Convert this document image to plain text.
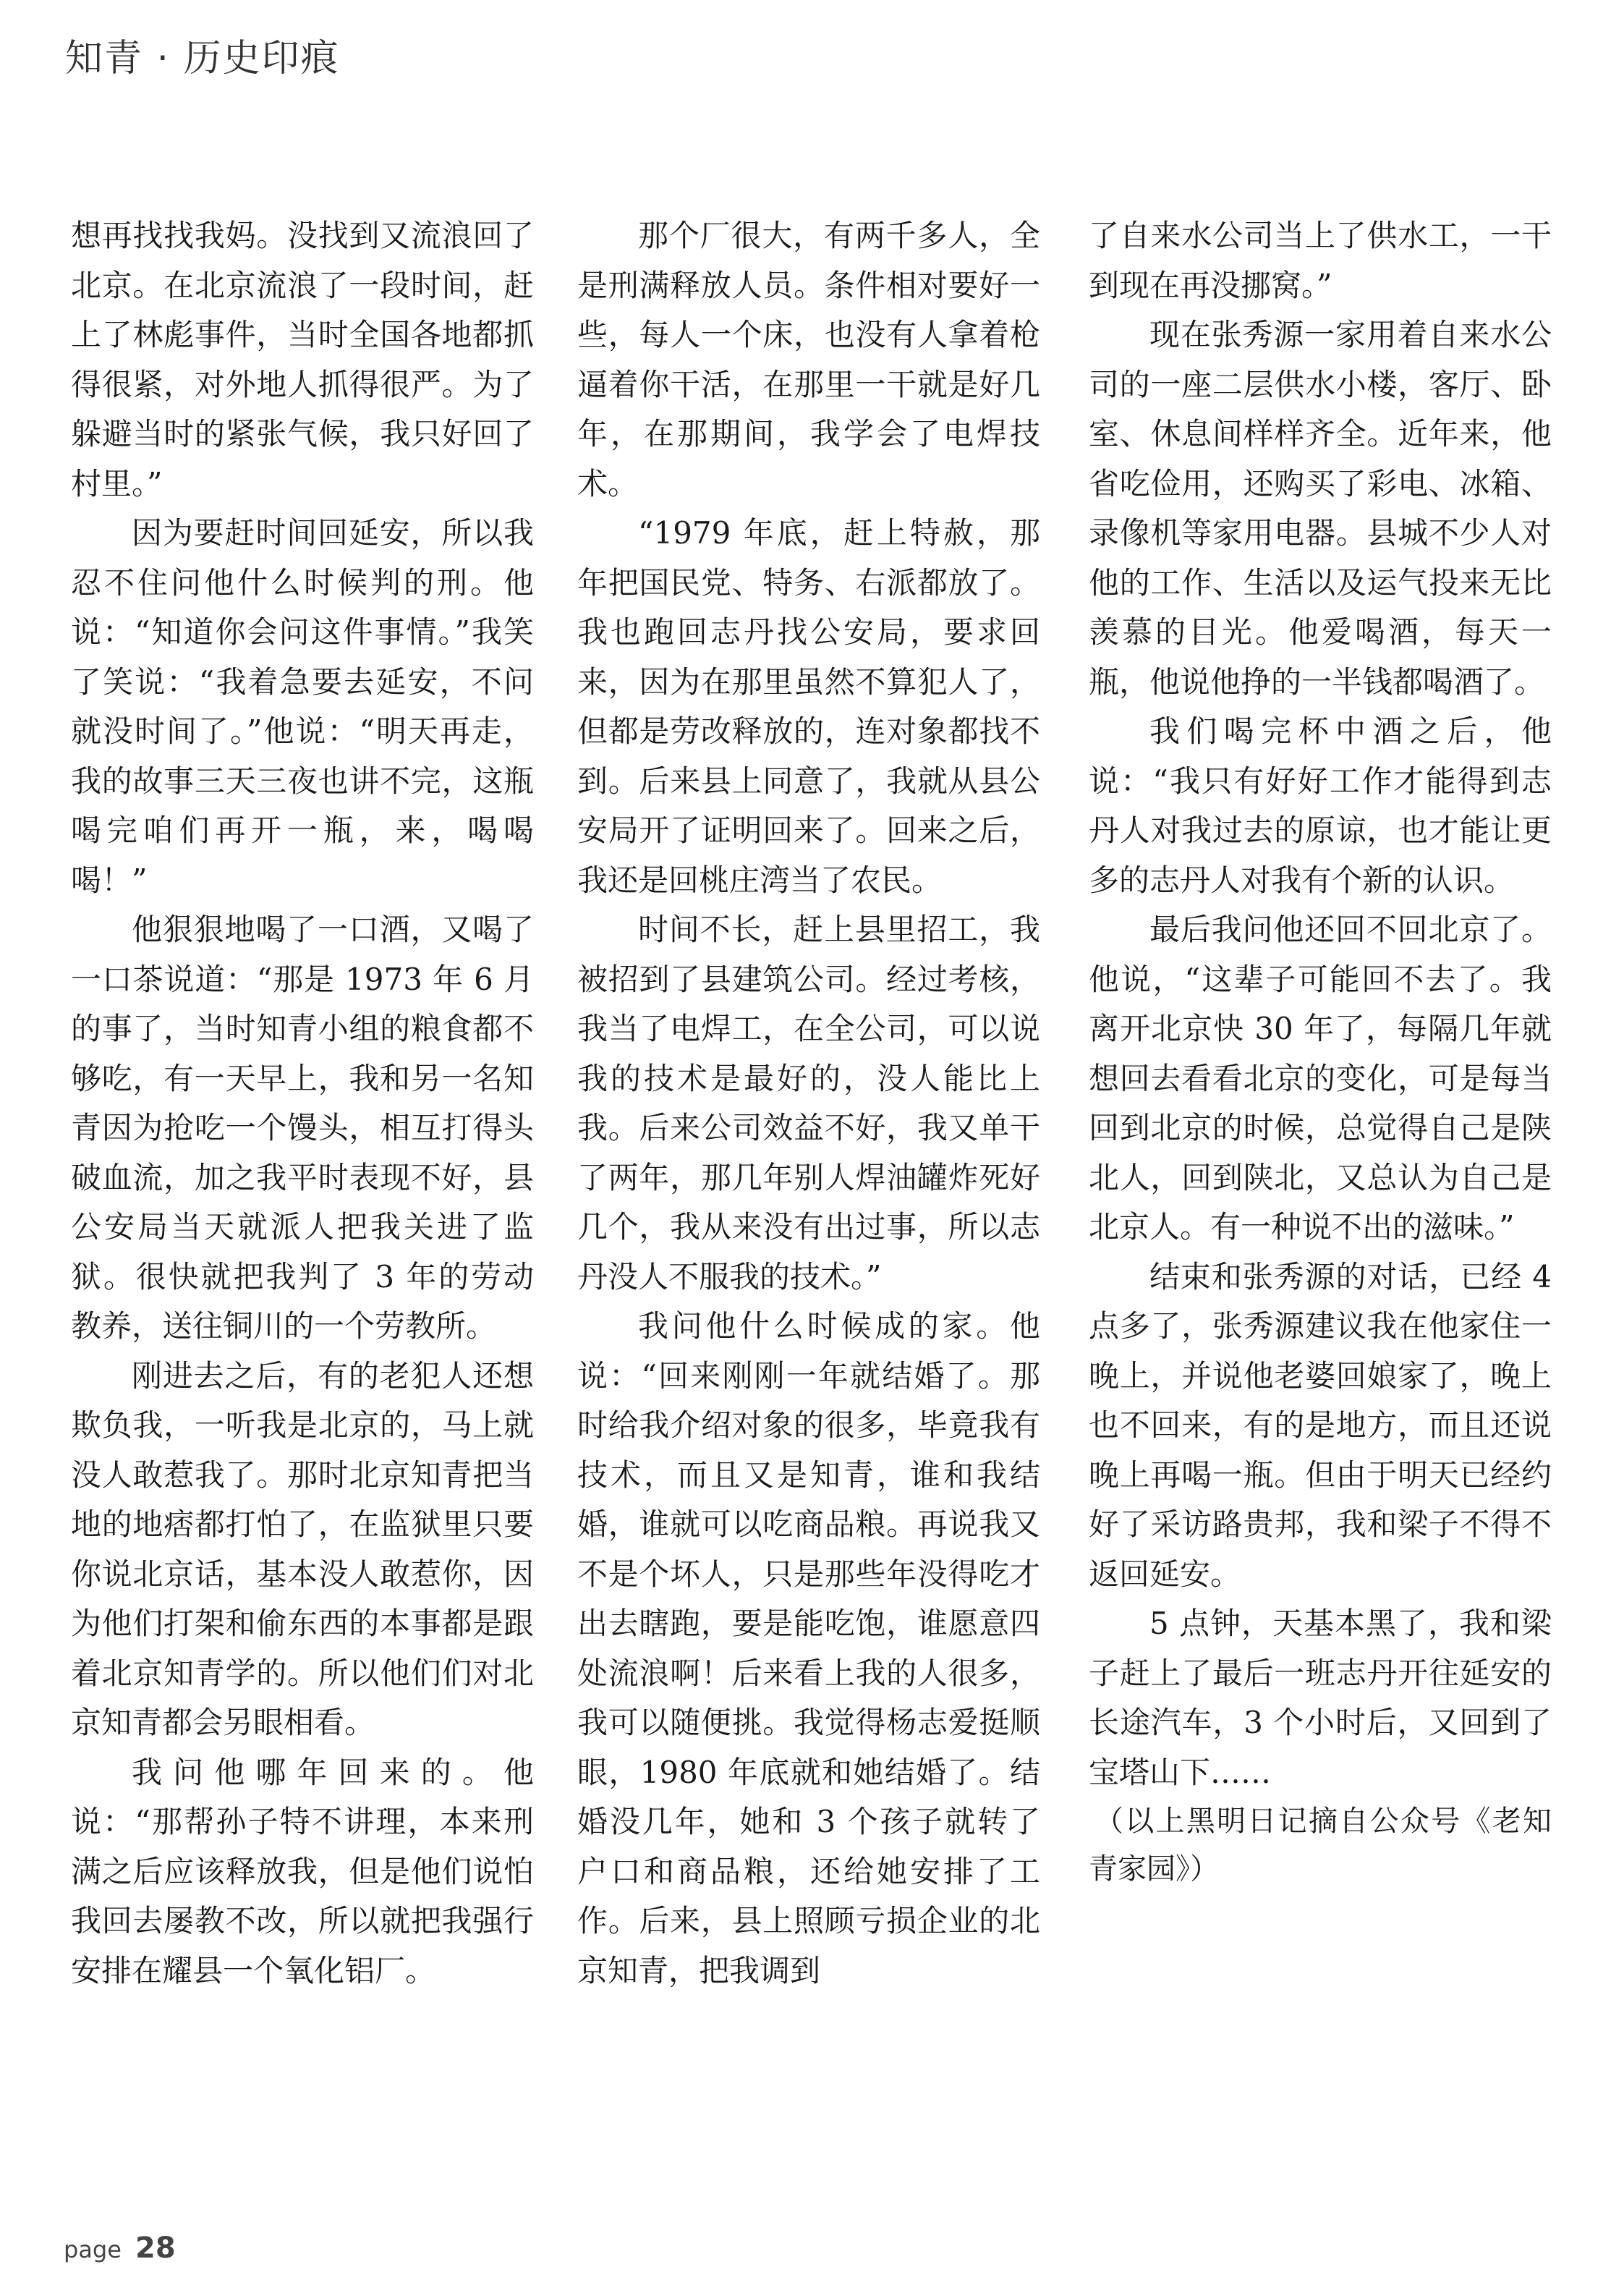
知青 · 历史印痕

想再找找我妈。没找到又流浪回了北京。在北京流浪了一段时间，赶上了林彪事件，当时全国各地都抓得很紧，对外地人抓得很严。为了躲避当时的紧张气候，我只好回了村里。”

因为要赶时间回延安，所以我忍不住问他什么时候判的刑。他说：“知道你会问这件事情。”我笑了笑说：“我着急要去延安，不问就没时间了。”他说：“明天再走，我的故事三天三夜也讲不完，这瓶喝完咱们再开一瓶，来，喝喝喝！”

他狠狠地喝了一口酒，又喝了一口茶说道：“那是 1973 年 6 月的事了，当时知青小组的粮食都不够吃，有一天早上，我和另一名知青因为抢吃一个馒头，相互打得头破血流，加之我平时表现不好，县公安局当天就派人把我关进了监狱。很快就把我判了 3 年的劳动教养，送往铜川的一个劳教所。

刚进去之后，有的老犯人还想欺负我，一听我是北京的，马上就没人敢惹我了。那时北京知青把当地的地痞都打怕了，在监狱里只要你说北京话，基本没人敢惹你，因为他们打架和偷东西的本事都是跟着北京知青学的。所以他们们对北京知青都会另眼相看。

我问他哪年回来的。他说：“那帮孙子特不讲理，本来刑满之后应该释放我，但是他们说怕我回去屡教不改，所以就把我强行安排在耀县一个氧化铝厂。

那个厂很大，有两千多人，全是刑满释放人员。条件相对要好一些，每人一个床，也没有人拿着枪逼着你干活，在那里一干就是好几年，在那期间，我学会了电焊技术。

“1979 年底，赶上特赦，那年把国民党、特务、右派都放了。我也跑回志丹找公安局，要求回来，因为在那里虽然不算犯人了，但都是劳改释放的，连对象都找不到。后来县上同意了，我就从县公安局开了证明回来了。回来之后，我还是回桃庄湾当了农民。

时间不长，赶上县里招工，我被招到了县建筑公司。经过考核，我当了电焊工，在全公司，可以说我的技术是最好的，没人能比上我。后来公司效益不好，我又单干了两年，那几年别人焊油罐炸死好几个，我从来没有出过事，所以志丹没人不服我的技术。”

我问他什么时候成的家。他说：“回来刚刚一年就结婚了。那时给我介绍对象的很多，毕竟我有技术，而且又是知青，谁和我结婚，谁就可以吃商品粮。再说我又不是个坏人，只是那些年没得吃才出去瞎跑，要是能吃饱，谁愿意四处流浪啊！后来看上我的人很多，我可以随便挑。我觉得杨志爱挺顺眼，1980 年底就和她结婚了。结婚没几年，她和 3 个孩子就转了户口和商品粮，还给她安排了工作。后来，县上照顾亏损企业的北京知青，把我调到

了自来水公司当上了供水工，一干到现在再没挪窝。”

现在张秀源一家用着自来水公司的一座二层供水小楼，客厅、卧室、休息间样样齐全。近年来，他省吃俭用，还购买了彩电、冰箱、录像机等家用电器。县城不少人对他的工作、生活以及运气投来无比羡慕的目光。他爱喝酒，每天一瓶，他说他挣的一半钱都喝酒了。

我们喝完杯中酒之后，他说：“我只有好好工作才能得到志丹人对我过去的原谅，也才能让更多的志丹人对我有个新的认识。

最后我问他还回不回北京了。他说，“这辈子可能回不去了。我离开北京快 30 年了，每隔几年就想回去看看北京的变化，可是每当回到北京的时候，总觉得自己是陕北人，回到陕北，又总认为自己是北京人。有一种说不出的滋味。”

结束和张秀源的对话，已经 4 点多了，张秀源建议我在他家住一晚上，并说他老婆回娘家了，晚上也不回来，有的是地方，而且还说晚上再喝一瓶。但由于明天已经约好了采访路贵邦，我和梁子不得不返回延安。

5 点钟，天基本黑了，我和梁子赶上了最后一班志丹开往延安的长途汽车，3 个小时后，又回到了宝塔山下……

（以上黑明日记摘自公众号《老知青家园》）

page 28
